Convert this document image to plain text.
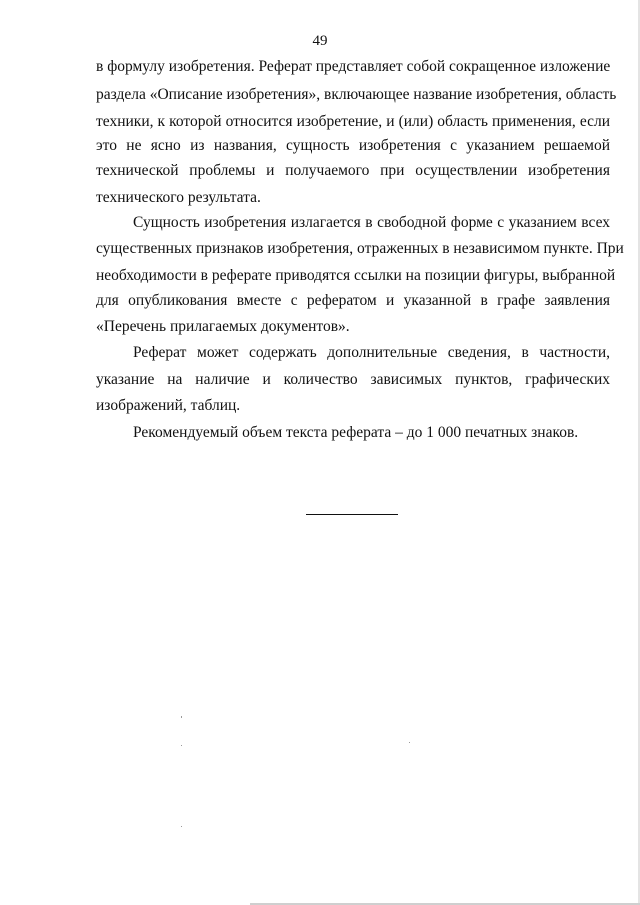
49
в формулу изобретения. Реферат представляет собой сокращенное изложение
раздела «Описание изобретения», включающее название изобретения, область
техники, к которой относится изобретение, и (или) область применения, если
это не ясно из названия, сущность изобретения с указанием решаемой
технической проблемы и получаемого при осуществлении изобретения
технического результата.
Сущность изобретения излагается в свободной форме с указанием всех
существенных признаков изобретения, отраженных в независимом пункте. При
необходимости в реферате приводятся ссылки на позиции фигуры, выбранной
для опубликования вместе с рефератом и указанной в графе заявления
«Перечень прилагаемых документов».
Реферат может содержать дополнительные сведения, в частности,
указание на наличие и количество зависимых пунктов, графических
изображений, таблиц.
Рекомендуемый объем текста реферата – до 1 000 печатных знаков.
